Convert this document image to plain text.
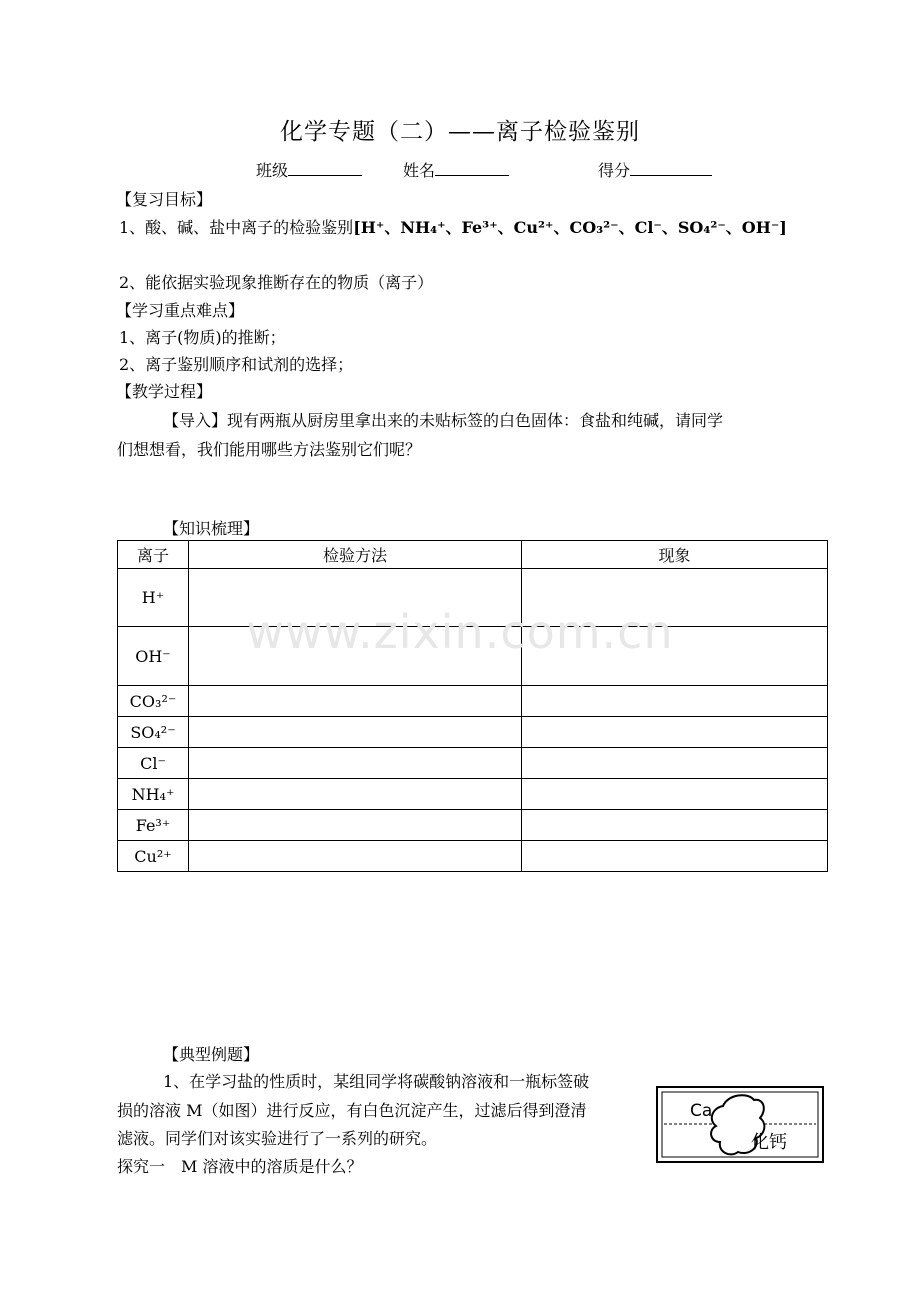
化学专题（二）——离子检验鉴别
班级	姓名	得分
【复习目标】
1、酸、碱、盐中离子的检验鉴别[H⁺、NH₄⁺、Fe³⁺、Cu²⁺、CO₃²⁻、Cl⁻、SO₄²⁻、OH⁻]
2、能依据实验现象推断存在的物质（离子）
【学习重点难点】
1、离子(物质)的推断；
2、离子鉴别顺序和试剂的选择；
【教学过程】
【导入】现有两瓶从厨房里拿出来的未贴标签的白色固体：食盐和纯碱，请同学
们想想看，我们能用哪些方法鉴别它们呢？
【知识梳理】
离子	检验方法	现象
H⁺		
OH⁻		
CO₃²⁻		
SO₄²⁻		
Cl⁻		
NH₄⁺		
Fe³⁺		
Cu²⁺		
www.zixin.com.cn
【典型例题】
1、在学习盐的性质时，某组同学将碳酸钠溶液和一瓶标签破
损的溶液 M（如图）进行反应，有白色沉淀产生，过滤后得到澄清
滤液。同学们对该实验进行了一系列的研究。
探究一　M 溶液中的溶质是什么？
Ca
化钙
